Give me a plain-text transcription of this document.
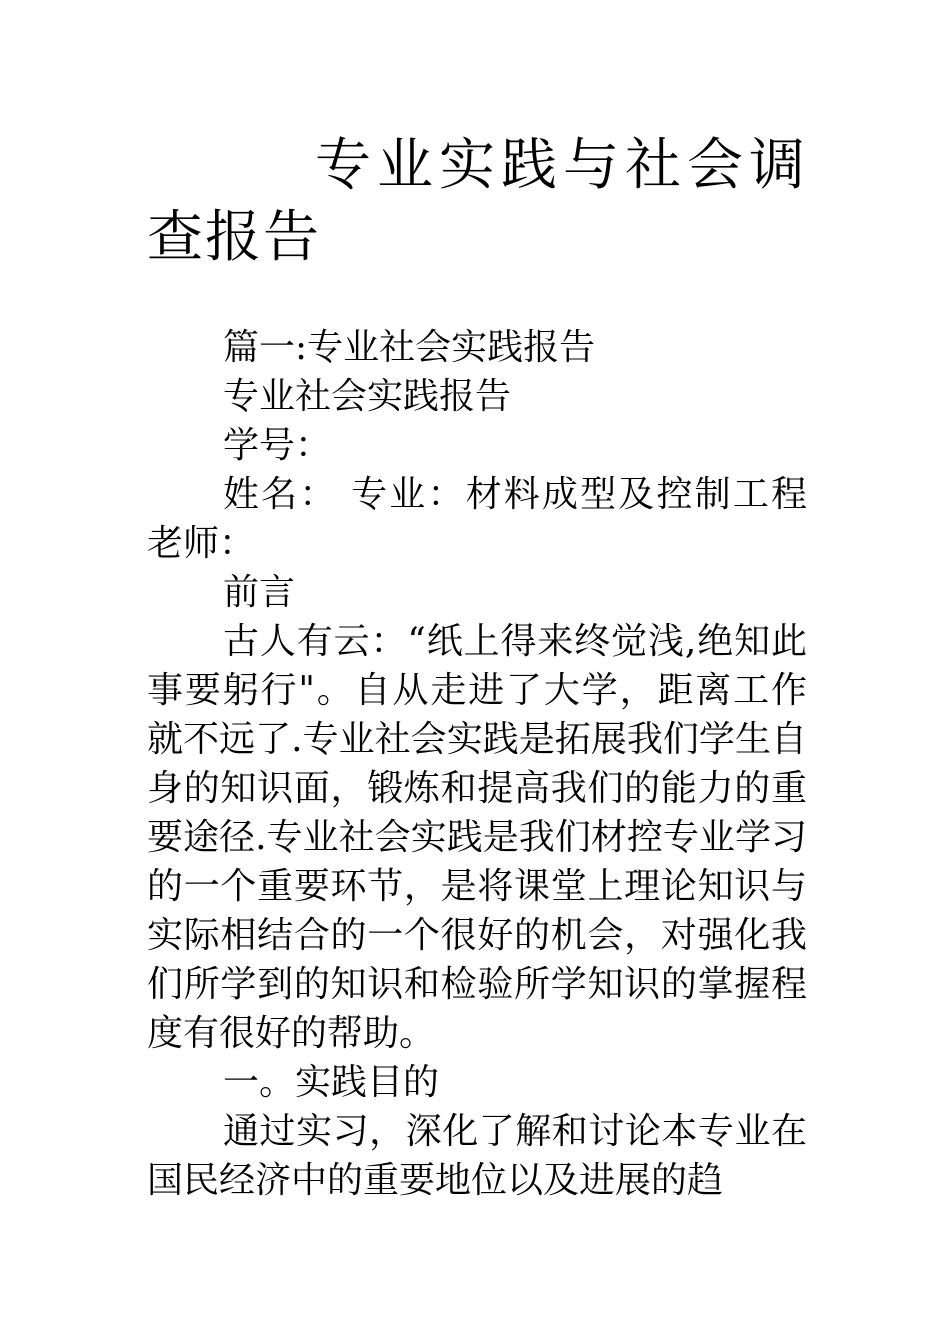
专业实践与社会调查报告

篇一:专业社会实践报告

专业社会实践报告

学号：

姓名： 专业：材料成型及控制工程老师：

前言

古人有云：“纸上得来终觉浅,绝知此事要躬行"。自从走进了大学，距离工作就不远了.专业社会实践是拓展我们学生自身的知识面，锻炼和提高我们的能力的重要途径.专业社会实践是我们材控专业学习的一个重要环节，是将课堂上理论知识与实际相结合的一个很好的机会，对强化我们所学到的知识和检验所学知识的掌握程度有很好的帮助。

一。实践目的

通过实习，深化了解和讨论本专业在国民经济中的重要地位以及进展的趋
